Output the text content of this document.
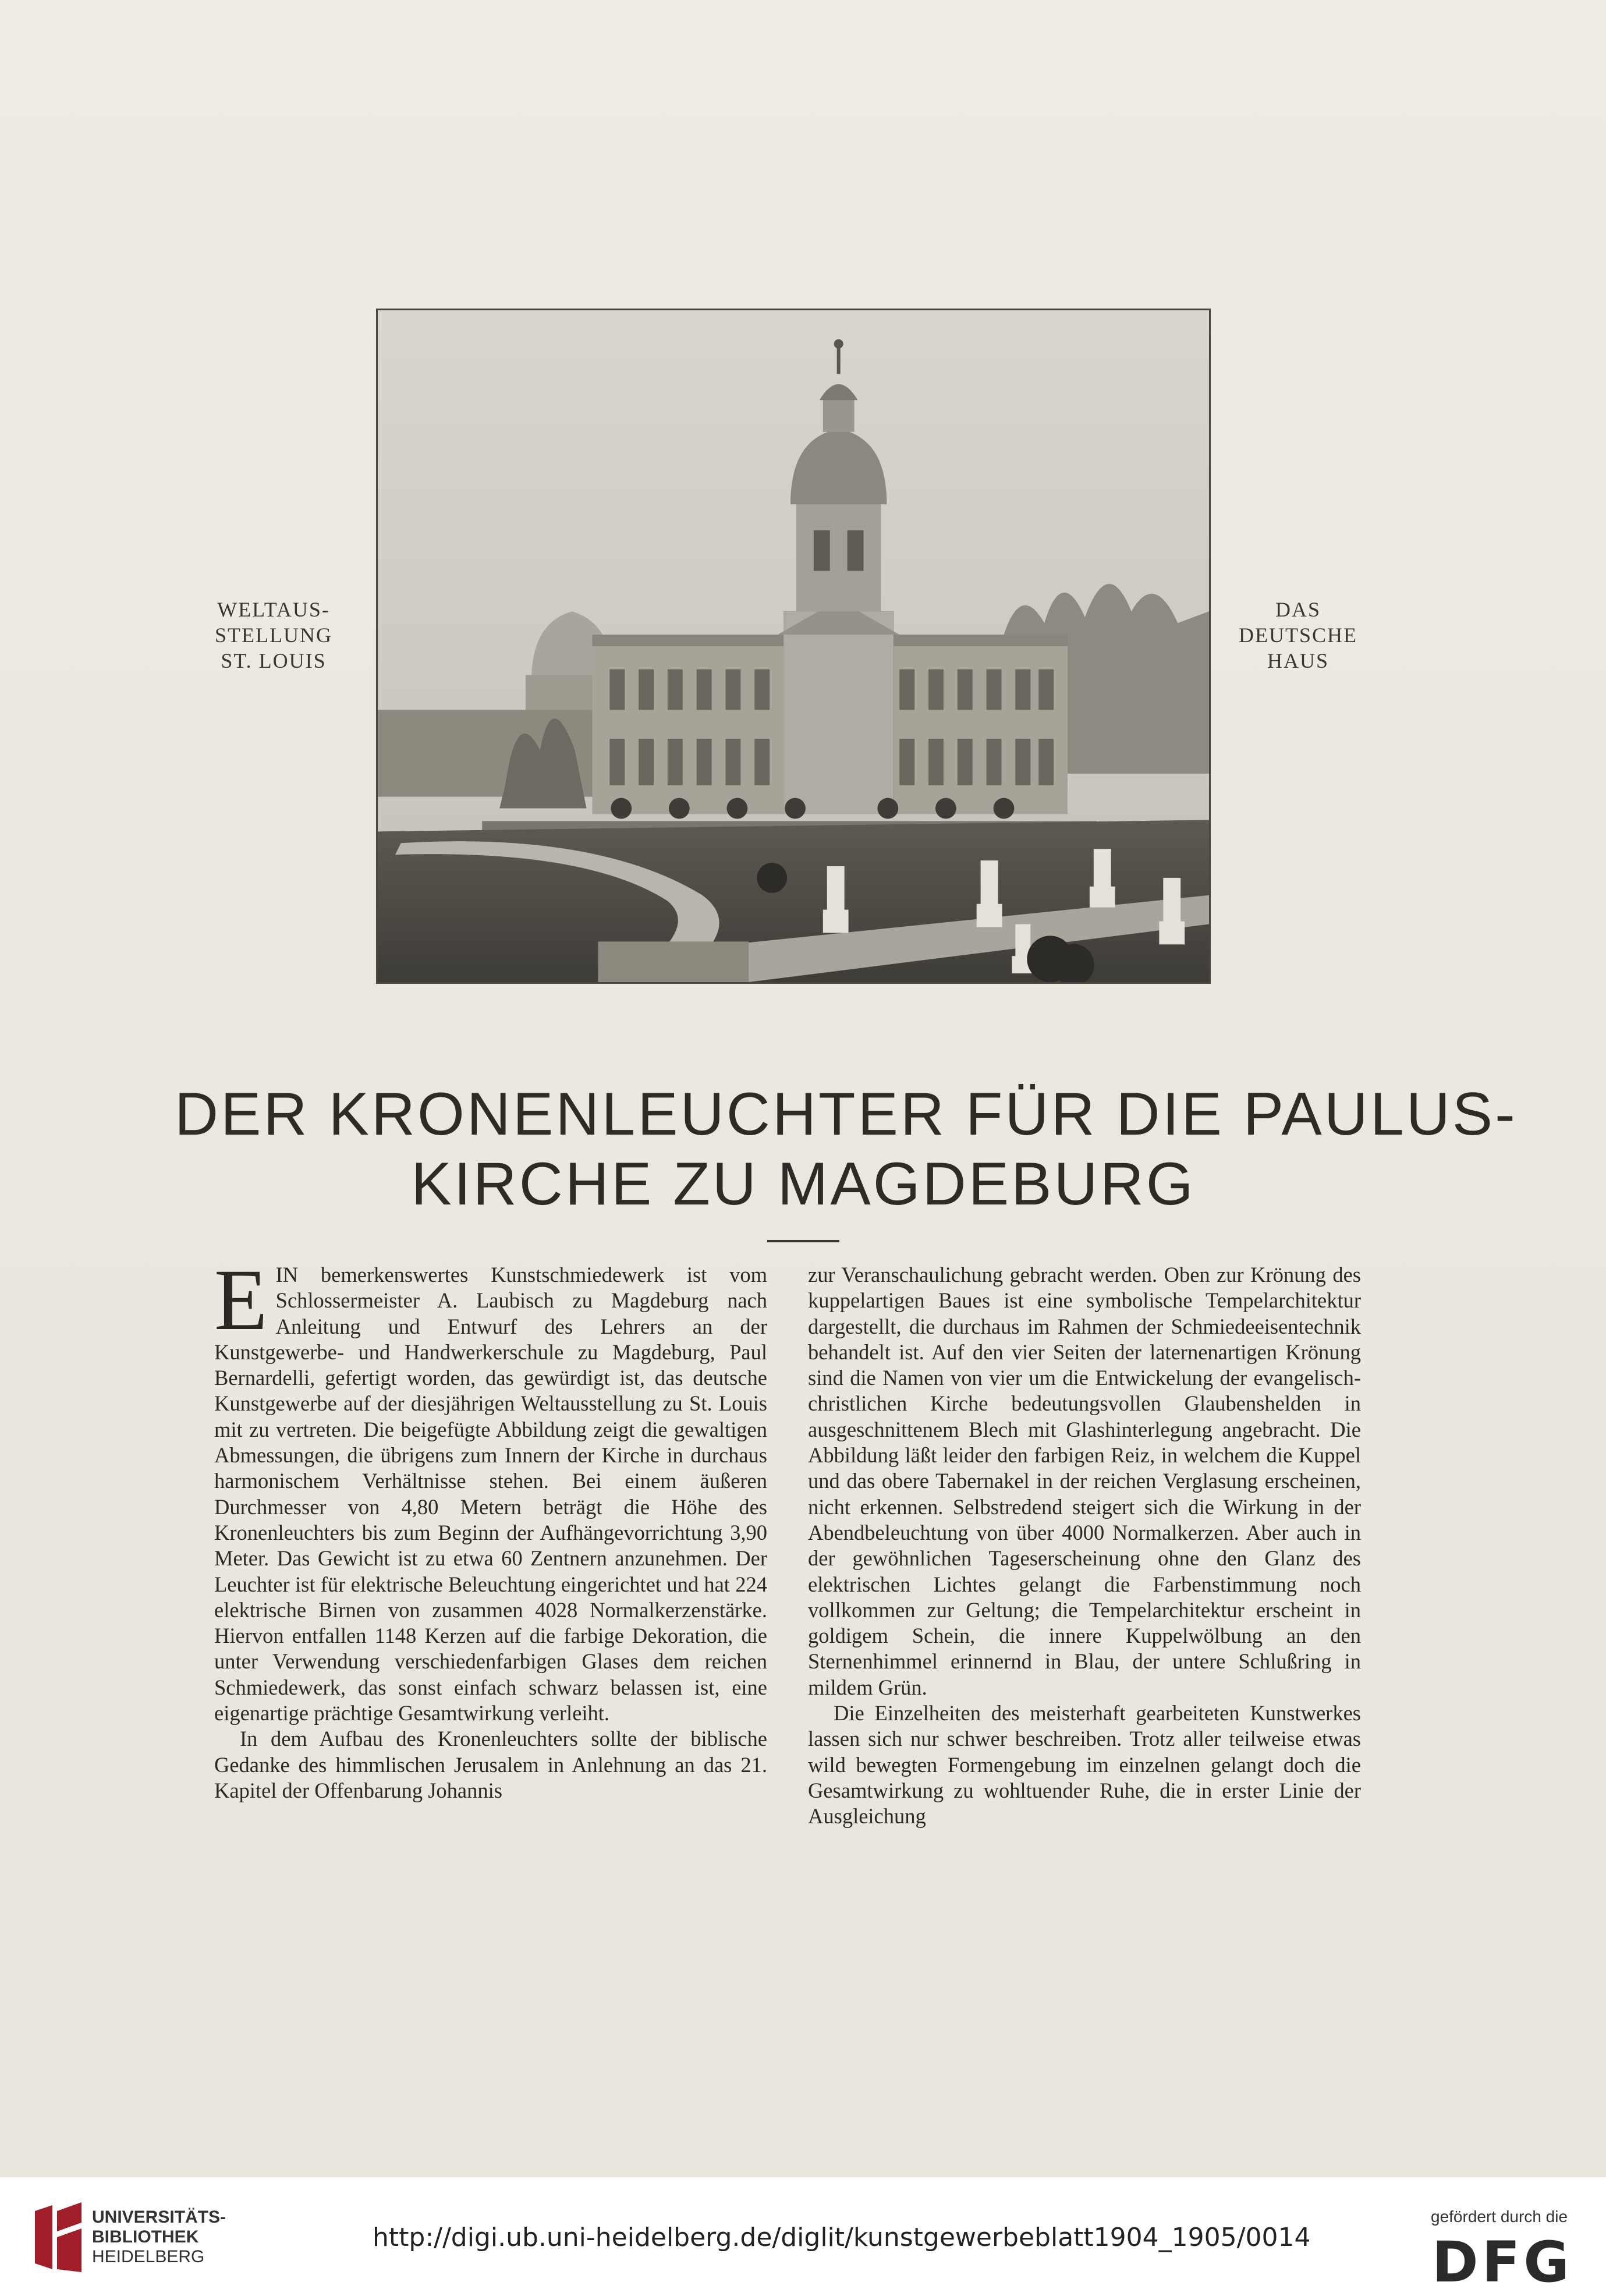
WELTAUS-
STELLUNG
ST. LOUIS
DAS
DEUTSCHE
HAUS
DER KRONENLEUCHTER FÜR DIE PAULUS-
KIRCHE ZU MAGDEBURG

EIN bemerkenswertes Kunstschmiedewerk ist vom Schlossermeister A. Laubisch zu Magdeburg nach Anleitung und Entwurf des Lehrers an der Kunstgewerbe- und Handwerkerschule zu Magdeburg, Paul Bernardelli, gefertigt worden, das gewürdigt ist, das deutsche Kunstgewerbe auf der diesjährigen Weltausstellung zu St. Louis mit zu vertreten. Die beigefügte Abbildung zeigt die gewaltigen Abmessungen, die übrigens zum Innern der Kirche in durchaus harmonischem Verhältnisse stehen. Bei einem äußeren Durchmesser von 4,80 Metern beträgt die Höhe des Kronenleuchters bis zum Beginn der Aufhängevorrichtung 3,90 Meter. Das Gewicht ist zu etwa 60 Zentnern anzunehmen. Der Leuchter ist für elektrische Beleuchtung eingerichtet und hat 224 elektrische Birnen von zusammen 4028 Normalkerzenstärke. Hiervon entfallen 1148 Kerzen auf die farbige Dekoration, die unter Verwendung verschiedenfarbigen Glases dem reichen Schmiedewerk, das sonst einfach schwarz belassen ist, eine eigenartige prächtige Gesamtwirkung verleiht.

In dem Aufbau des Kronenleuchters sollte der biblische Gedanke des himmlischen Jerusalem in Anlehnung an das 21. Kapitel der Offenbarung Johannis

zur Veranschaulichung gebracht werden. Oben zur Krönung des kuppelartigen Baues ist eine symbolische Tempelarchitektur dargestellt, die durchaus im Rahmen der Schmiedeeisentechnik behandelt ist. Auf den vier Seiten der laternenartigen Krönung sind die Namen von vier um die Entwickelung der evangelisch-christlichen Kirche bedeutungsvollen Glaubenshelden in ausgeschnittenem Blech mit Glashinterlegung angebracht. Die Abbildung läßt leider den farbigen Reiz, in welchem die Kuppel und das obere Tabernakel in der reichen Verglasung erscheinen, nicht erkennen. Selbstredend steigert sich die Wirkung in der Abendbeleuchtung von über 4000 Normalkerzen. Aber auch in der gewöhnlichen Tageserscheinung ohne den Glanz des elektrischen Lichtes gelangt die Farbenstimmung noch vollkommen zur Geltung; die Tempelarchitektur erscheint in goldigem Schein, die innere Kuppelwölbung an den Sternenhimmel erinnernd in Blau, der untere Schlußring in mildem Grün.

Die Einzelheiten des meisterhaft gearbeiteten Kunstwerkes lassen sich nur schwer beschreiben. Trotz aller teilweise etwas wild bewegten Formengebung im einzelnen gelangt doch die Gesamtwirkung zu wohltuender Ruhe, die in erster Linie der Ausgleichung

UNIVERSITÄTS-
BIBLIOTHEK
HEIDELBERG
http://digi.ub.uni-heidelberg.de/diglit/kunstgewerbeblatt1904_1905/0014
gefördert durch die
DFG
